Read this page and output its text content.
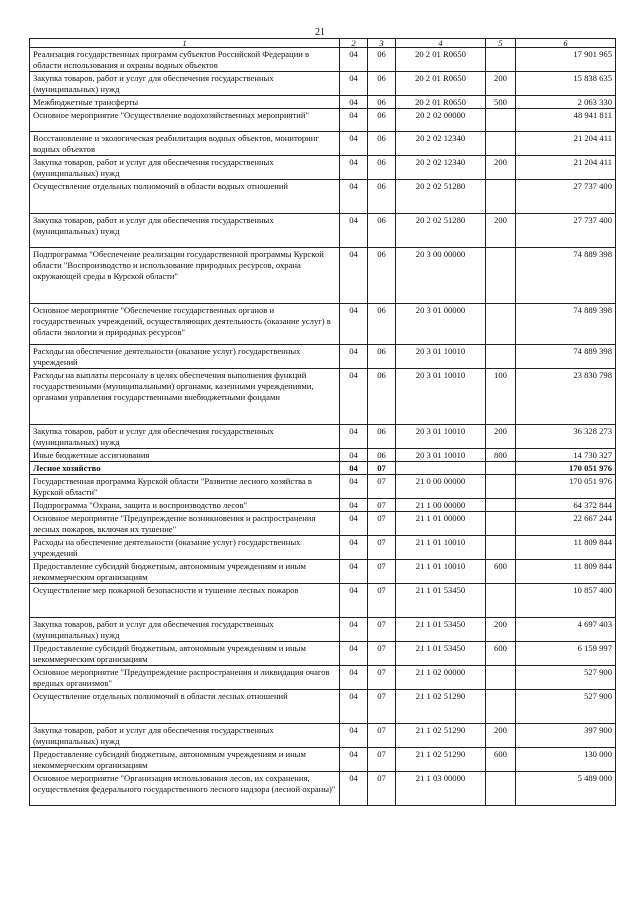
21
1	2	3	4	5	6
Реализация государственных программ субъектов Российской Федерации в области использования и охраны водных объектов	04	06	20 2 01 R0650		17 901 965
Закупка товаров, работ и услуг для обеспечения государственных (муниципальных) нужд	04	06	20 2 01 R0650	200	15 838 635
Межбюджетные трансферты	04	06	20 2 01 R0650	500	2 063 330
Основное мероприятие "Осуществление водохозяйственных мероприятий"	04	06	20 2 02 00000		48 941 811
Восстановление и экологическая реабилитация водных объектов, мониторинг водных объектов	04	06	20 2 02 12340		21 204 411
Закупка товаров, работ и услуг для обеспечения государственных (муниципальных) нужд	04	06	20 2 02 12340	200	21 204 411
Осуществление отдельных полномочий в области водных отношений	04	06	20 2 02 51280		27 737 400
Закупка товаров, работ и услуг для обеспечения государственных (муниципальных) нужд	04	06	20 2 02 51280	200	27 737 400
Подпрограмма "Обеспечение реализации государственной программы Курской области "Воспроизводство и использование природных ресурсов, охрана окружающей среды в Курской области"	04	06	20 3 00 00000		74 889 398
Основное мероприятие "Обеспечение государственных органов и государственных учреждений, осуществляющих деятельность (оказание услуг) в области экологии и природных ресурсов"	04	06	20 3 01 00000		74 889 398
Расходы на обеспечение деятельности (оказание услуг) государственных учреждений	04	06	20 3 01 10010		74 889 398
Расходы на выплаты персоналу в целях обеспечения выполнения функций государственными (муниципальными) органами, казенными учреждениями, органами управления государственными внебюджетными фондами	04	06	20 3 01 10010	100	23 830 798
Закупка товаров, работ и услуг для обеспечения государственных (муниципальных) нужд	04	06	20 3 01 10010	200	36 328 273
Иные бюджетные ассигнования	04	06	20 3 01 10010	800	14 730 327
Лесное хозяйство	04	07			170 051 976
Государственная программа Курской области "Развитие лесного хозяйства в Курской области"	04	07	21 0 00 00000		170 051 976
Подпрограмма "Охрана, защита и воспроизводство лесов"	04	07	21 1 00 00000		64 372 844
Основное мероприятие "Предупреждение возникновения и распространения лесных пожаров, включая их тушение"	04	07	21 1 01 00000		22 667 244
Расходы на обеспечение деятельности (оказание услуг) государственных учреждений	04	07	21 1 01 10010		11 809 844
Предоставление субсидий бюджетным, автономным учреждениям и иным некоммерческим организациям	04	07	21 1 01 10010	600	11 809 844
Осуществление мер пожарной безопасности и тушение лесных пожаров	04	07	21 1 01 53450		10 857 400
Закупка товаров, работ и услуг для обеспечения государственных (муниципальных) нужд	04	07	21 1 01 53450	200	4 697 403
Предоставление субсидий бюджетным, автономным учреждениям и иным некоммерческим организациям	04	07	21 1 01 53450	600	6 159 997
Основное мероприятие "Предупреждение распространения и ликвидация очагов вредных организмов"	04	07	21 1 02 00000		527 900
Осуществление отдельных полномочий в области лесных отношений	04	07	21 1 02 51290		527 900
Закупка товаров, работ и услуг для обеспечения государственных (муниципальных) нужд	04	07	21 1 02 51290	200	397 900
Предоставление субсидий бюджетным, автономным учреждениям и иным некоммерческим организациям	04	07	21 1 02 51290	600	130 000
Основное мероприятие "Организация использования лесов, их сохранения, осуществления федерального государственного лесного надзора (лесной охраны)"	04	07	21 1 03 00000		5 489 000
